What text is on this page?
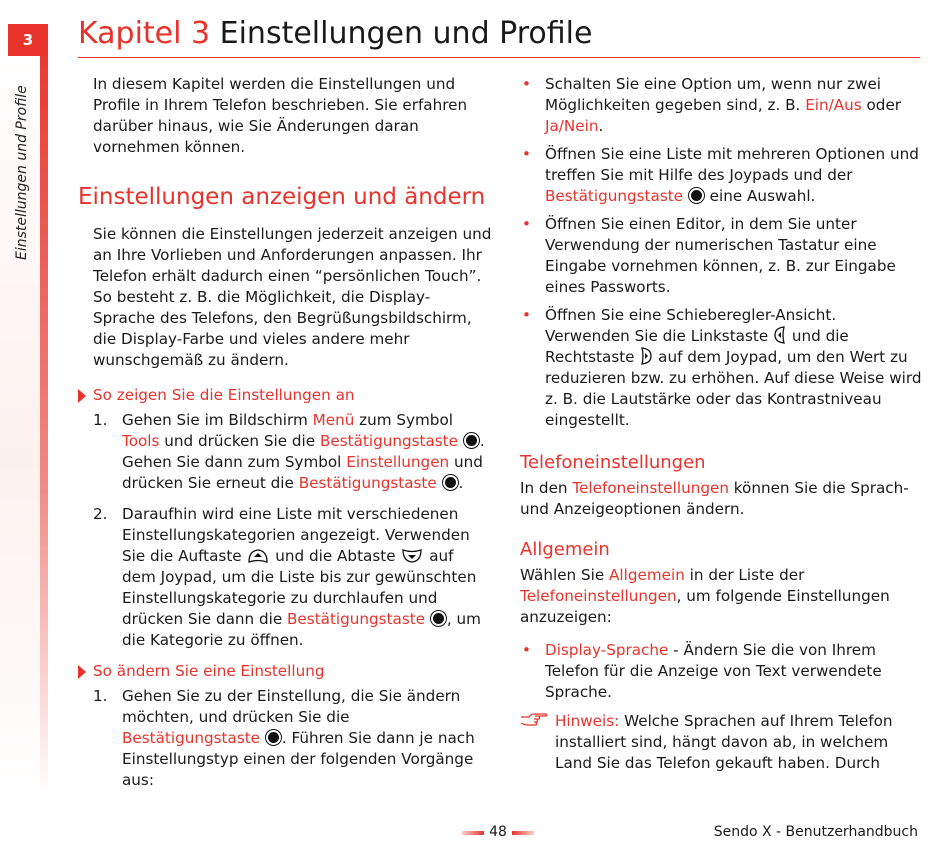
3
Einstellungen und Profile
Kapitel 3 Einstellungen und Profile

In diesem Kapitel werden die Einstellungen und Profile in Ihrem Telefon beschrieben. Sie erfahren darüber hinaus, wie Sie Änderungen daran vornehmen können.

Einstellungen anzeigen und ändern

Sie können die Einstellungen jederzeit anzeigen und an Ihre Vorlieben und Anforderungen anpassen. Ihr Telefon erhält dadurch einen “persönlichen Touch”. So besteht z. B. die Möglichkeit, die Display-Sprache des Telefons, den Begrüßungsbildschirm, die Display-Farbe und vieles andere mehr wunschgemäß zu ändern.

So zeigen Sie die Einstellungen an
1. Gehen Sie im Bildschirm Menü zum Symbol Tools und drücken Sie die Bestätigungstaste . Gehen Sie dann zum Symbol Einstellungen und drücken Sie erneut die Bestätigungstaste .
2. Daraufhin wird eine Liste mit verschiedenen Einstellungskategorien angezeigt. Verwenden Sie die Auftaste  und die Abtaste  auf dem Joypad, um die Liste bis zur gewünschten Einstellungskategorie zu durchlaufen und drücken Sie dann die Bestätigungstaste , um die Kategorie zu öffnen.
So ändern Sie eine Einstellung
1. Gehen Sie zu der Einstellung, die Sie ändern möchten, und drücken Sie die Bestätigungstaste . Führen Sie dann je nach Einstellungstyp einen der folgenden Vorgänge aus:
• Schalten Sie eine Option um, wenn nur zwei Möglichkeiten gegeben sind, z. B. Ein/Aus oder Ja/Nein.
• Öffnen Sie eine Liste mit mehreren Optionen und treffen Sie mit Hilfe des Joypads und der Bestätigungstaste  eine Auswahl.
• Öffnen Sie einen Editor, in dem Sie unter Verwendung der numerischen Tastatur eine Eingabe vornehmen können, z. B. zur Eingabe eines Passworts.
• Öffnen Sie eine Schieberegler-Ansicht. Verwenden Sie die Linkstaste  und die Rechtstaste  auf dem Joypad, um den Wert zu reduzieren bzw. zu erhöhen. Auf diese Weise wird z. B. die Lautstärke oder das Kontrastniveau eingestellt.
Telefoneinstellungen

In den Telefoneinstellungen können Sie die Sprach- und Anzeigeoptionen ändern.

Allgemein

Wählen Sie Allgemein in der Liste der Telefoneinstellungen, um folgende Einstellungen anzuzeigen:

• Display-Sprache - Ändern Sie die von Ihrem Telefon für die Anzeige von Text verwendete Sprache.
Hinweis: Welche Sprachen auf Ihrem Telefon installiert sind, hängt davon ab, in welchem Land Sie das Telefon gekauft haben. Durch
48	Sendo X - Benutzerhandbuch
